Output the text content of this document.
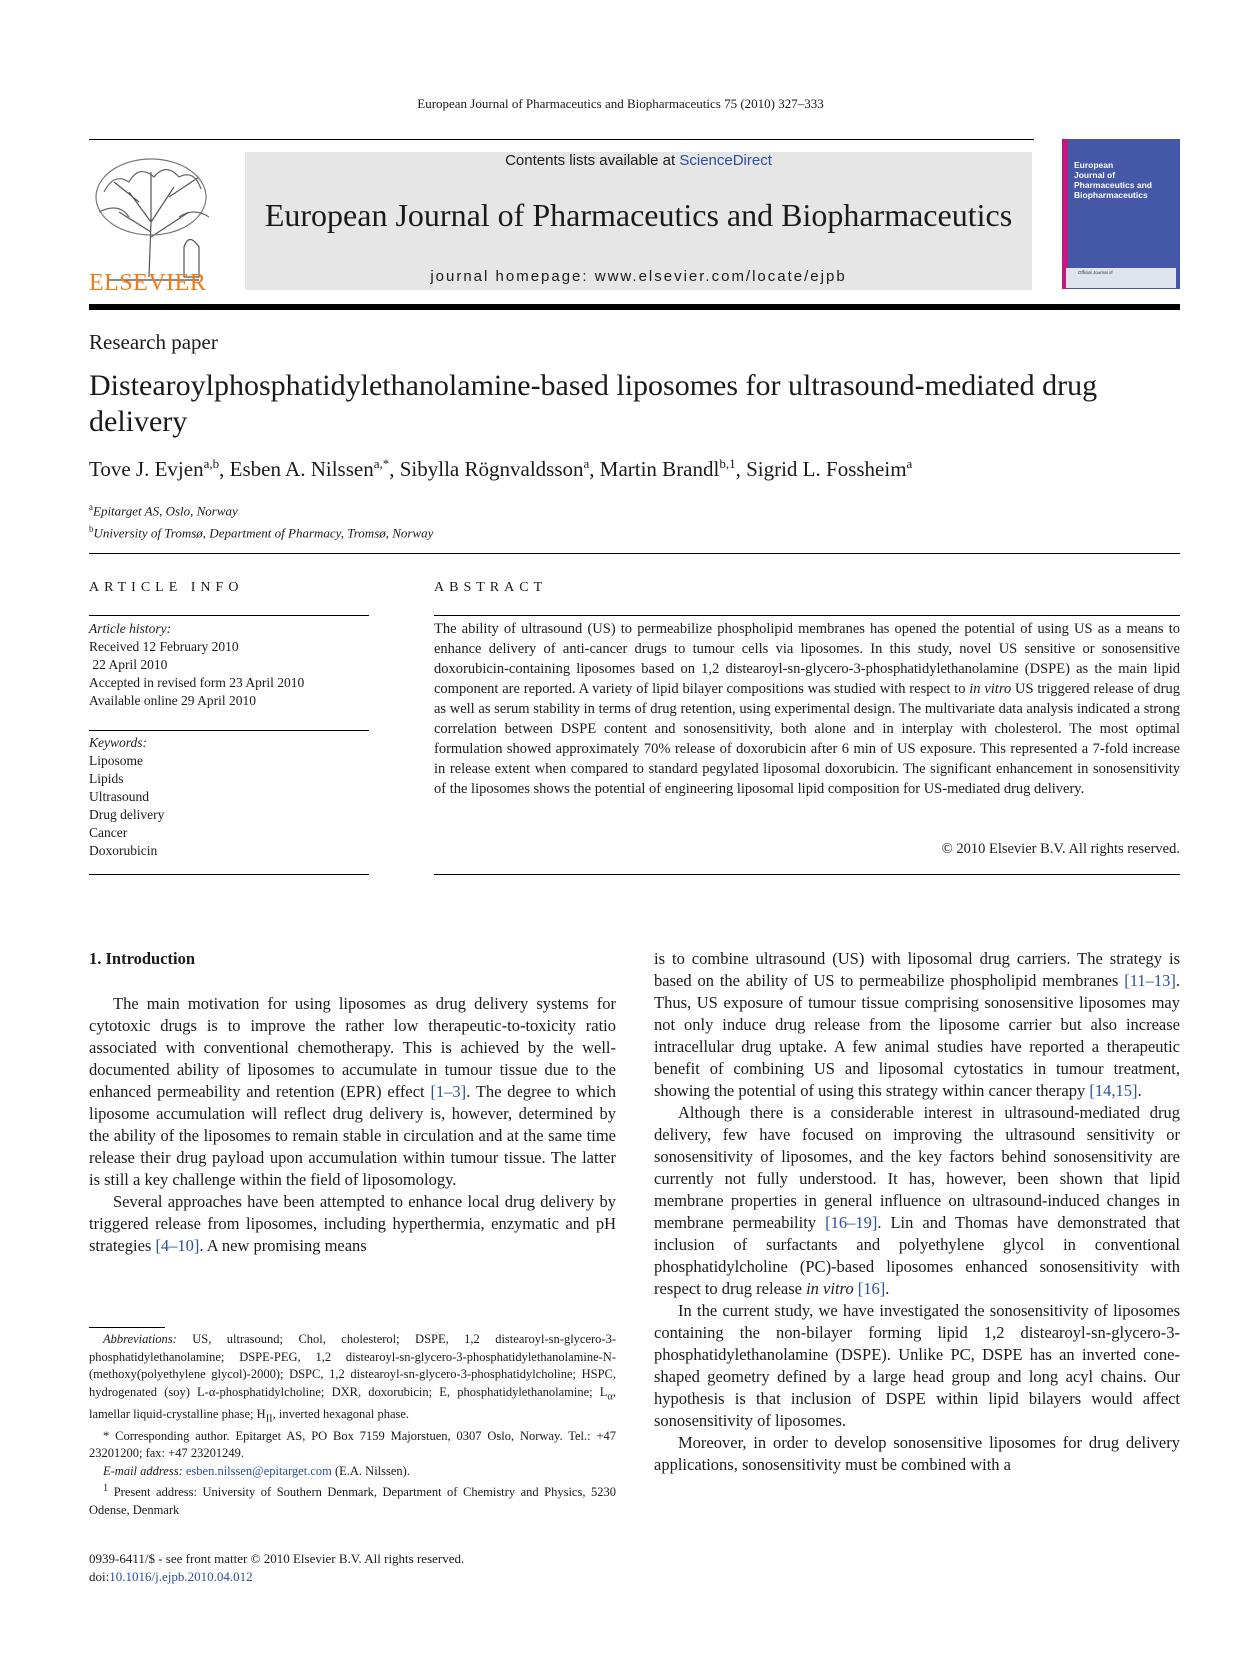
European Journal of Pharmaceutics and Biopharmaceutics 75 (2010) 327–333
ELSEVIER
Contents lists available at ScienceDirect
European Journal of Pharmaceutics and Biopharmaceutics
journal homepage: www.elsevier.com/locate/ejpb
European
Journal of
Pharmaceutics and
Biopharmaceutics
Official Journal of
Research paper
Distearoylphosphatidylethanolamine-based liposomes for ultrasound-mediated drug delivery
Tove J. Evjen$^{a,b}$, Esben A. Nilssen$^{a,*}$, Sibylla Rögnvaldsson$^a$, Martin Brandl$^{b,1}$, Sigrid L. Fossheim$^a$
$^a$Epitarget AS, Oslo, Norway
$^b$University of Tromsø, Department of Pharmacy, Tromsø, Norway
ARTICLE INFO
Article history:
Received 12 February 2010
22 April 2010
Accepted in revised form 23 April 2010
Available online 29 April 2010
Keywords:
Liposome
Lipids
Ultrasound
Drug delivery
Cancer
Doxorubicin
ABSTRACT
The ability of ultrasound (US) to permeabilize phospholipid membranes has opened the potential of using US as a means to enhance delivery of anti-cancer drugs to tumour cells via liposomes. In this study, novel US sensitive or sonosensitive doxorubicin-containing liposomes based on 1,2 distearoyl-sn-glycero-3-phosphatidylethanolamine (DSPE) as the main lipid component are reported. A variety of lipid bilayer compositions was studied with respect to in vitro US triggered release of drug as well as serum stability in terms of drug retention, using experimental design. The multivariate data analysis indicated a strong correlation between DSPE content and sonosensitivity, both alone and in interplay with cholesterol. The most optimal formulation showed approximately 70% release of doxorubicin after 6 min of US exposure. This represented a 7-fold increase in release extent when compared to standard pegylated liposomal doxorubicin. The significant enhancement in sonosensitivity of the liposomes shows the potential of engineering liposomal lipid composition for US-mediated drug delivery.
© 2010 Elsevier B.V. All rights reserved.
1. Introduction

The main motivation for using liposomes as drug delivery systems for cytotoxic drugs is to improve the rather low therapeutic-to-toxicity ratio associated with conventional chemotherapy. This is achieved by the well-documented ability of liposomes to accumulate in tumour tissue due to the enhanced permeability and retention (EPR) effect [1–3]. The degree to which liposome accumulation will reflect drug delivery is, however, determined by the ability of the liposomes to remain stable in circulation and at the same time release their drug payload upon accumulation within tumour tissue. The latter is still a key challenge within the field of liposomology.

Several approaches have been attempted to enhance local drug delivery by triggered release from liposomes, including hyperthermia, enzymatic and pH strategies [4–10]. A new promising means

is to combine ultrasound (US) with liposomal drug carriers. The strategy is based on the ability of US to permeabilize phospholipid membranes [11–13]. Thus, US exposure of tumour tissue comprising sonosensitive liposomes may not only induce drug release from the liposome carrier but also increase intracellular drug uptake. A few animal studies have reported a therapeutic benefit of combining US and liposomal cytostatics in tumour treatment, showing the potential of using this strategy within cancer therapy [14,15].

Although there is a considerable interest in ultrasound-mediated drug delivery, few have focused on improving the ultrasound sensitivity or sonosensitivity of liposomes, and the key factors behind sonosensitivity are currently not fully understood. It has, however, been shown that lipid membrane properties in general influence on ultrasound-induced changes in membrane permeability [16–19]. Lin and Thomas have demonstrated that inclusion of surfactants and polyethylene glycol in conventional phosphatidylcholine (PC)-based liposomes enhanced sonosensitivity with respect to drug release in vitro [16].

In the current study, we have investigated the sonosensitivity of liposomes containing the non-bilayer forming lipid 1,2 distearoyl-sn-glycero-3-phosphatidylethanolamine (DSPE). Unlike PC, DSPE has an inverted cone-shaped geometry defined by a large head group and long acyl chains. Our hypothesis is that inclusion of DSPE within lipid bilayers would affect sonosensitivity of liposomes.

Moreover, in order to develop sonosensitive liposomes for drug delivery applications, sonosensitivity must be combined with a

Abbreviations: US, ultrasound; Chol, cholesterol; DSPE, 1,2 distearoyl-sn-glycero-3-phosphatidylethanolamine; DSPE-PEG, 1,2 distearoyl-sn-glycero-3-phosphatidylethanolamine-N-(methoxy(polyethylene glycol)-2000); DSPC, 1,2 distearoyl-sn-glycero-3-phosphatidylcholine; HSPC, hydrogenated (soy) L-α-phosphatidylcholine; DXR, doxorubicin; E, phosphatidylethanolamine; $L_\alpha$, lamellar liquid-crystalline phase; $H_{II}$, inverted hexagonal phase.

* Corresponding author. Epitarget AS, PO Box 7159 Majorstuen, 0307 Oslo, Norway. Tel.: +47 23201200; fax: +47 23201249.

E-mail address: esben.nilssen@epitarget.com (E.A. Nilssen).

$^1$ Present address: University of Southern Denmark, Department of Chemistry and Physics, 5230 Odense, Denmark

0939-6411/$ - see front matter © 2010 Elsevier B.V. All rights reserved.
doi:10.1016/j.ejpb.2010.04.012
